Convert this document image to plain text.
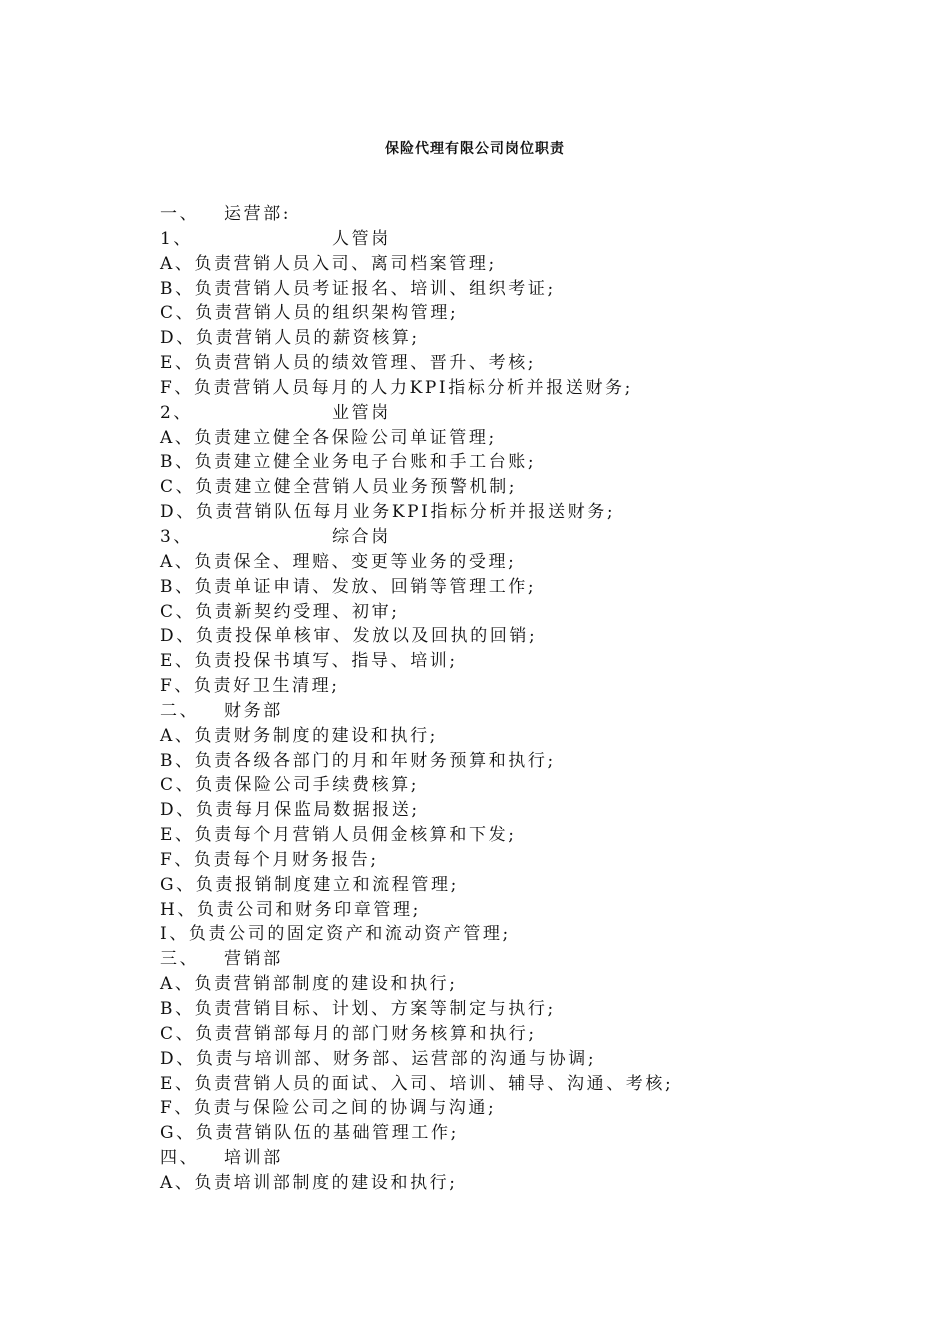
保险代理有限公司岗位职责
一、 运营部:
1、	人管岗
A、负责营销人员入司、离司档案管理;
B、负责营销人员考证报名、培训、组织考证;
C、负责营销人员的组织架构管理;
D、负责营销人员的薪资核算;
E、负责营销人员的绩效管理、晋升、考核;
F、负责营销人员每月的人力KPI指标分析并报送财务;
2、	业管岗
A、负责建立健全各保险公司单证管理;
B、负责建立健全业务电子台账和手工台账;
C、负责建立健全营销人员业务预警机制;
D、负责营销队伍每月业务KPI指标分析并报送财务;
3、	综合岗
A、负责保全、理赔、变更等业务的受理;
B、负责单证申请、发放、回销等管理工作;
C、负责新契约受理、初审;
D、负责投保单核审、发放以及回执的回销;
E、负责投保书填写、指导、培训;
F、负责好卫生清理;
二、 财务部
A、负责财务制度的建设和执行;
B、负责各级各部门的月和年财务预算和执行;
C、负责保险公司手续费核算;
D、负责每月保监局数据报送;
E、负责每个月营销人员佣金核算和下发;
F、负责每个月财务报告;
G、负责报销制度建立和流程管理;
H、负责公司和财务印章管理;
I、负责公司的固定资产和流动资产管理;
三、 营销部
A、负责营销部制度的建设和执行;
B、负责营销目标、计划、方案等制定与执行;
C、负责营销部每月的部门财务核算和执行;
D、负责与培训部、财务部、运营部的沟通与协调;
E、负责营销人员的面试、入司、培训、辅导、沟通、考核;
F、负责与保险公司之间的协调与沟通;
G、负责营销队伍的基础管理工作;
四、 培训部
A、负责培训部制度的建设和执行;
